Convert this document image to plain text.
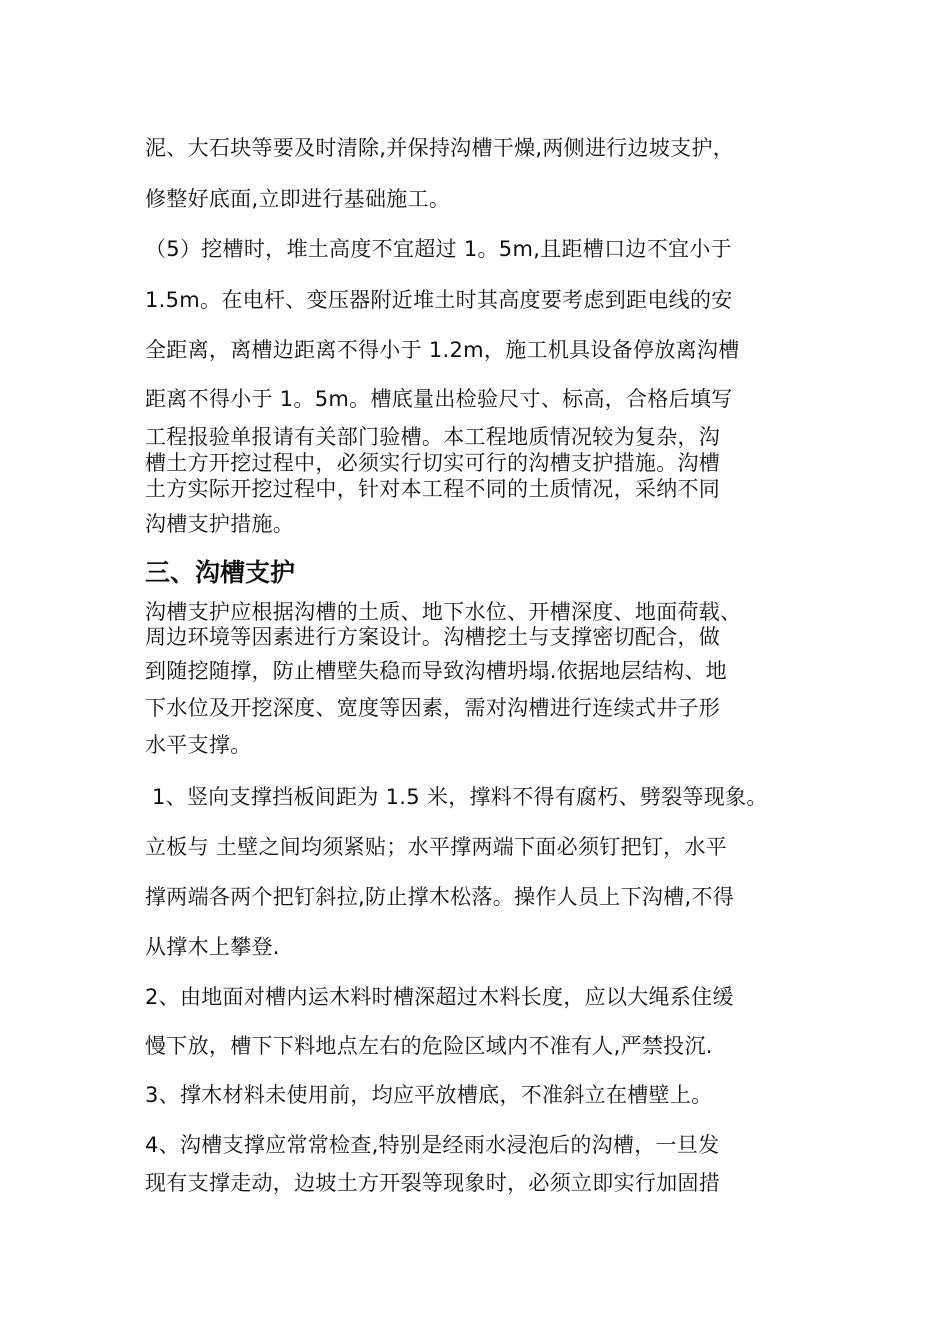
泥、大石块等要及时清除,并保持沟槽干燥,两侧进行边坡支护，

修整好底面,立即进行基础施工。

（5）挖槽时，堆土高度不宜超过 1。5m,且距槽口边不宜小于

1.5m。在电杆、变压器附近堆土时其高度要考虑到距电线的安

全距离，离槽边距离不得小于 1.2m，施工机具设备停放离沟槽

距离不得小于 1。5m。槽底量出检验尺寸、标高，合格后填写

工程报验单报请有关部门验槽。本工程地质情况较为复杂，沟

槽土方开挖过程中，必须实行切实可行的沟槽支护措施。沟槽

土方实际开挖过程中，针对本工程不同的土质情况，采纳不同

沟槽支护措施。

三、沟槽支护

沟槽支护应根据沟槽的土质、地下水位、开槽深度、地面荷载、

周边环境等因素进行方案设计。沟槽挖土与支撑密切配合，做

到随挖随撑，防止槽壁失稳而导致沟槽坍塌.依据地层结构、地

下水位及开挖深度、宽度等因素，需对沟槽进行连续式井子形

水平支撑。

1、竖向支撑挡板间距为 1.5 米，撑料不得有腐朽、劈裂等现象。

立板与 土壁之间均须紧贴；水平撑两端下面必须钉把钉，水平

撑两端各两个把钉斜拉,防止撑木松落。操作人员上下沟槽,不得

从撑木上攀登.

2、由地面对槽内运木料时槽深超过木料长度，应以大绳系住缓

慢下放，槽下下料地点左右的危险区域内不准有人,严禁投沉.

3、撑木材料未使用前，均应平放槽底，不准斜立在槽壁上。

4、沟槽支撑应常常检查,特别是经雨水浸泡后的沟槽，一旦发

现有支撑走动，边坡土方开裂等现象时，必须立即实行加固措
